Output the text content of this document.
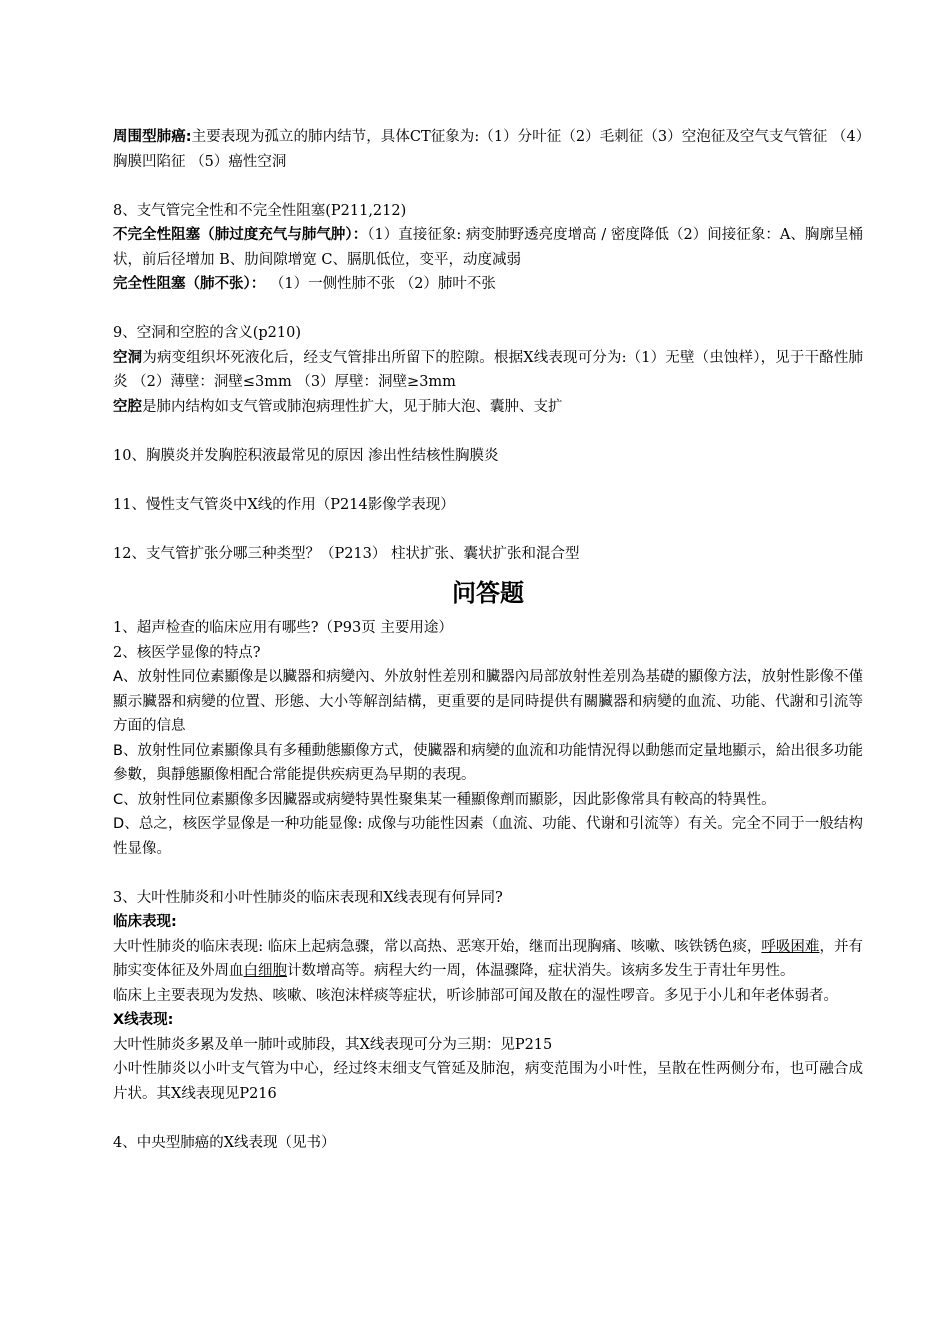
周围型肺癌:主要表现为孤立的肺内结节，具体CT征象为:（1）分叶征（2）毛刺征（3）空泡征及空气支气管征 （4）胸膜凹陷征 （5）癌性空洞

8、支气管完全性和不完全性阻塞(P211,212)

不完全性阻塞（肺过度充气与肺气肿）：（1）直接征象: 病变肺野透亮度增高 / 密度降低（2）间接征象：A、胸廓呈桶状，前后径增加 B、肋间隙增宽 C、膈肌低位，变平，动度减弱

完全性阻塞（肺不张）： （1）一侧性肺不张 （2）肺叶不张

9、空洞和空腔的含义(p210)

空洞为病变组织坏死液化后，经支气管排出所留下的腔隙。根据X线表现可分为:（1）无壁（虫蚀样），见于干酪性肺炎 （2）薄壁：洞壁≤3mm （3）厚壁：洞壁≥3mm

空腔是肺内结构如支气管或肺泡病理性扩大，见于肺大泡、囊肿、支扩

10、胸膜炎并发胸腔积液最常见的原因 渗出性结核性胸膜炎

11、慢性支气管炎中X线的作用（P214影像学表现）

12、支气管扩张分哪三种类型？（P213） 柱状扩张、囊状扩张和混合型

问答题

1、超声检查的临床应用有哪些?（P93页 主要用途）

2、核医学显像的特点?

A、放射性同位素顯像是以臟器和病變內、外放射性差別和臟器內局部放射性差別為基礎的顯像方法，放射性影像不僅顯示臟器和病變的位置、形態、大小等解剖結構，更重要的是同時提供有關臟器和病變的血流、功能、代謝和引流等方面的信息

B、放射性同位素顯像具有多種動態顯像方式，使臟器和病變的血流和功能情況得以動態而定量地顯示，給出很多功能參數，與靜態顯像相配合常能提供疾病更為早期的表現。

C、放射性同位素顯像多因臟器或病變特異性聚集某一種顯像劑而顯影，因此影像常具有較高的特異性。

D、总之，核医学显像是一种功能显像: 成像与功能性因素（血流、功能、代谢和引流等）有关。完全不同于一般结构性显像。

3、大叶性肺炎和小叶性肺炎的临床表现和X线表现有何异同?

临床表现:

大叶性肺炎的临床表现: 临床上起病急骤，常以高热、恶寒开始，继而出现胸痛、咳嗽、咳铁锈色痰，呼吸困难，并有肺实变体征及外周血白细胞计数增高等。病程大约一周，体温骤降，症状消失。该病多发生于青壮年男性。

临床上主要表现为发热、咳嗽、咳泡沫样痰等症状，听诊肺部可闻及散在的湿性啰音。多见于小儿和年老体弱者。

X线表现:

大叶性肺炎多累及单一肺叶或肺段，其X线表现可分为三期：见P215

小叶性肺炎以小叶支气管为中心，经过终末细支气管延及肺泡，病变范围为小叶性，呈散在性两侧分布，也可融合成片状。其X线表现见P216

4、中央型肺癌的X线表现（见书）
